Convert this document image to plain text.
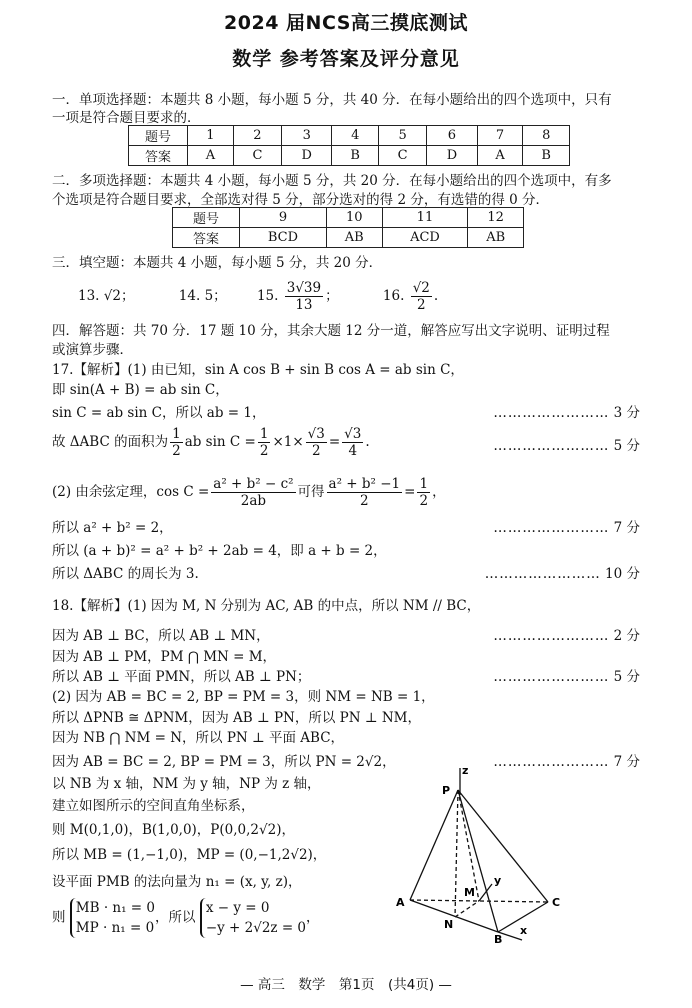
2024 届NCS高三摸底测试
数学 参考答案及评分意见
一．单项选择题：本题共 8 小题，每小题 5 分，共 40 分．在每小题给出的四个选项中，只有
一项是符合题目要求的．
题号	1	2	3	4	5	6	7	8
答案	A	C	D	B	C	D	A	B
二．多项选择题：本题共 4 小题，每小题 5 分，共 20 分．在每小题给出的四个选项中，有多
个选项是符合题目要求，全部选对得 5 分，部分选对的得 2 分，有选错的得 0 分．
题号	9	10	11	12
答案	BCD	AB	ACD	AB
三．填空题：本题共 4 小题，每小题 5 分，共 20 分．
13. √2；	14. 5； 15. $\frac{3√39}{13}$ ；	16. $\frac{√2}{2}$ .
四．解答题：共 70 分．17 题 10 分，其余大题 12 分一道，解答应写出文字说明、证明过程
或演算步骤．
17.【解析】(1) 由已知，sin A cos B + sin B cos A = ab sin C，
即 sin(A + B) = ab sin C，
sin C = ab sin C，所以 ab = 1，	…………………… 3 分
故 ΔABC 的面积为 $\frac{1}{2}$ ab $\sin C = \frac{1}{2} \times 1\times \frac{√3}{2} = \frac{√3}{4}$ .	…………………… 5 分
(2) 由余弦定理，$\cos C = \frac{\text{a² + b² − c²}}{2ab}$ 可得 $\frac{\text{a² + b² −1}}{2} = \frac{1}{2}$ ，
所以 a² + b² = 2，	…………………… 7 分
所以 (a + b)² = a² + b² + 2ab = 4，即 a + b = 2，
所以 ΔABC 的周长为 3.	…………………… 10 分
18.【解析】(1) 因为 M, N 分别为 AC, AB 的中点，所以 NM // BC，
因为 AB ⊥ BC，所以 AB ⊥ MN，	…………………… 2 分
因为 AB ⊥ PM，PM ⋂ MN = M，
所以 AB ⊥ 平面 PMN，所以 AB ⊥ PN；	…………………… 5 分
(2) 因为 AB = BC = 2, BP = PM = 3，则 NM = NB = 1，
所以 ΔPNB ≅ ΔPNM，因为 AB ⊥ PN，所以 PN ⊥ NM，
因为 NB ⋂ NM = N，所以 PN ⊥ 平面 ABC，
因为 AB = BC = 2, BP = PM = 3，所以 PN = 2√2，	…………………… 7 分
以 NB 为 x 轴，NM 为 y 轴，NP 为 z 轴，
建立如图所示的空间直角坐标系，
则 M(0,1,0)，B(1,0,0)，P(0,0,2√2)，
所以 MB = (1,−1,0)，MP = (0,−1,2√2)，
设平面 PMB 的法向量为 n₁ = (x, y, z)，
则 MB · n₁ = 0
MP · n₁ = 0，所以 x − y = 0
−y + 2√2z = 0，
z
P
A	C
B
N
M
y
x
— 高三　数学　第1页　(共4页) —
